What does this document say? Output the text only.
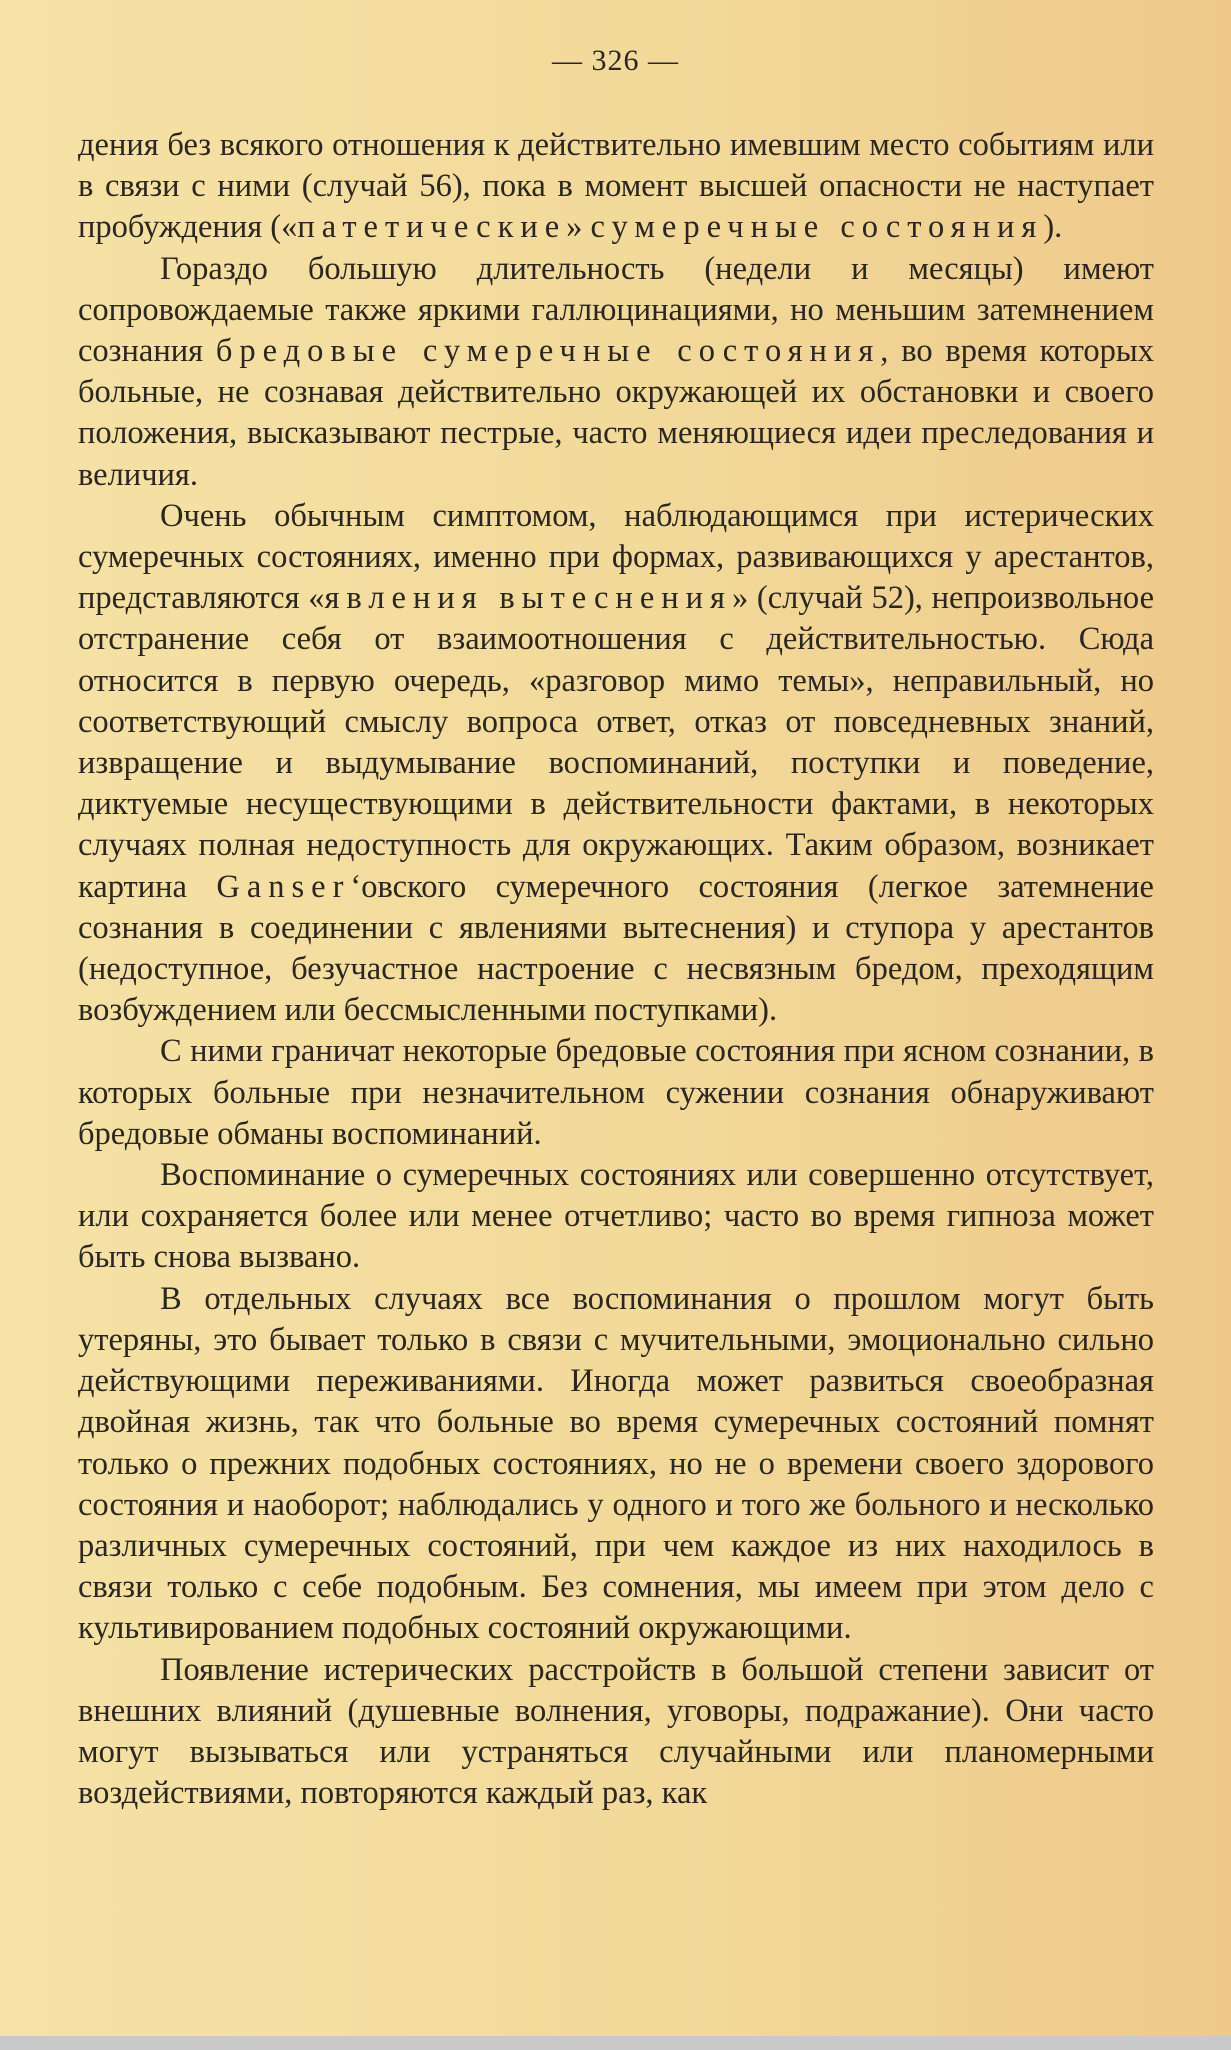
— 326 —

дения без всякого отношения к действительно имевшим место событиям или в связи с ними (случай 56), пока в момент высшей опасности не наступает пробуждения («патетические» сумеречные состояния).

Гораздо большую длительность (недели и месяцы) имеют сопровождаемые также яркими галлюцинациями, но меньшим затемнением сознания бредовые сумеречные состояния, во время которых больные, не сознавая действительно окружающей их обстановки и своего положения, высказывают пестрые, часто меняющиеся идеи преследования и величия.

Очень обычным симптомом, наблюдающимся при истерических сумеречных состояниях, именно при формах, развивающихся у арестантов, представляются «явления вытеснения» (случай 52), непроизвольное отстранение себя от взаимоотношения с действительностью. Сюда относится в первую очередь, «разговор мимо темы», неправильный, но соответствующий смыслу вопроса ответ, отказ от повседневных знаний, извращение и выдумывание воспоминаний, поступки и поведение, диктуемые несуществующими в действительности фактами, в некоторых случаях полная недоступность для окружающих. Таким образом, возникает картина Ganser‘овского сумеречного состояния (легкое затемнение сознания в соединении с явлениями вытеснения) и ступора у арестантов (недоступное, безучастное настроение с несвязным бредом, преходящим возбуждением или бессмысленными поступками).

С ними граничат некоторые бредовые состояния при ясном сознании, в которых больные при незначительном сужении сознания обнаруживают бредовые обманы воспоминаний.

Воспоминание о сумеречных состояниях или совершенно отсутствует, или сохраняется более или менее отчетливо; часто во время гипноза может быть снова вызвано.

В отдельных случаях все воспоминания о прошлом могут быть утеряны, это бывает только в связи с мучительными, эмоционально сильно действующими переживаниями. Иногда может развиться своеобразная двойная жизнь, так что больные во время сумеречных состояний помнят только о прежних подобных состояниях, но не о времени своего здорового состояния и наоборот; наблюдались у одного и того же больного и несколько различных сумеречных состояний, при чем каждое из них находилось в связи только с себе подобным. Без сомнения, мы имеем при этом дело с культивированием подобных состояний окружающими.

Появление истерических расстройств в большой степени зависит от внешних влияний (душевные волнения, уговоры, подражание). Они часто могут вызываться или устраняться случайными или планомерными воздействиями, повторяются каждый раз, как
